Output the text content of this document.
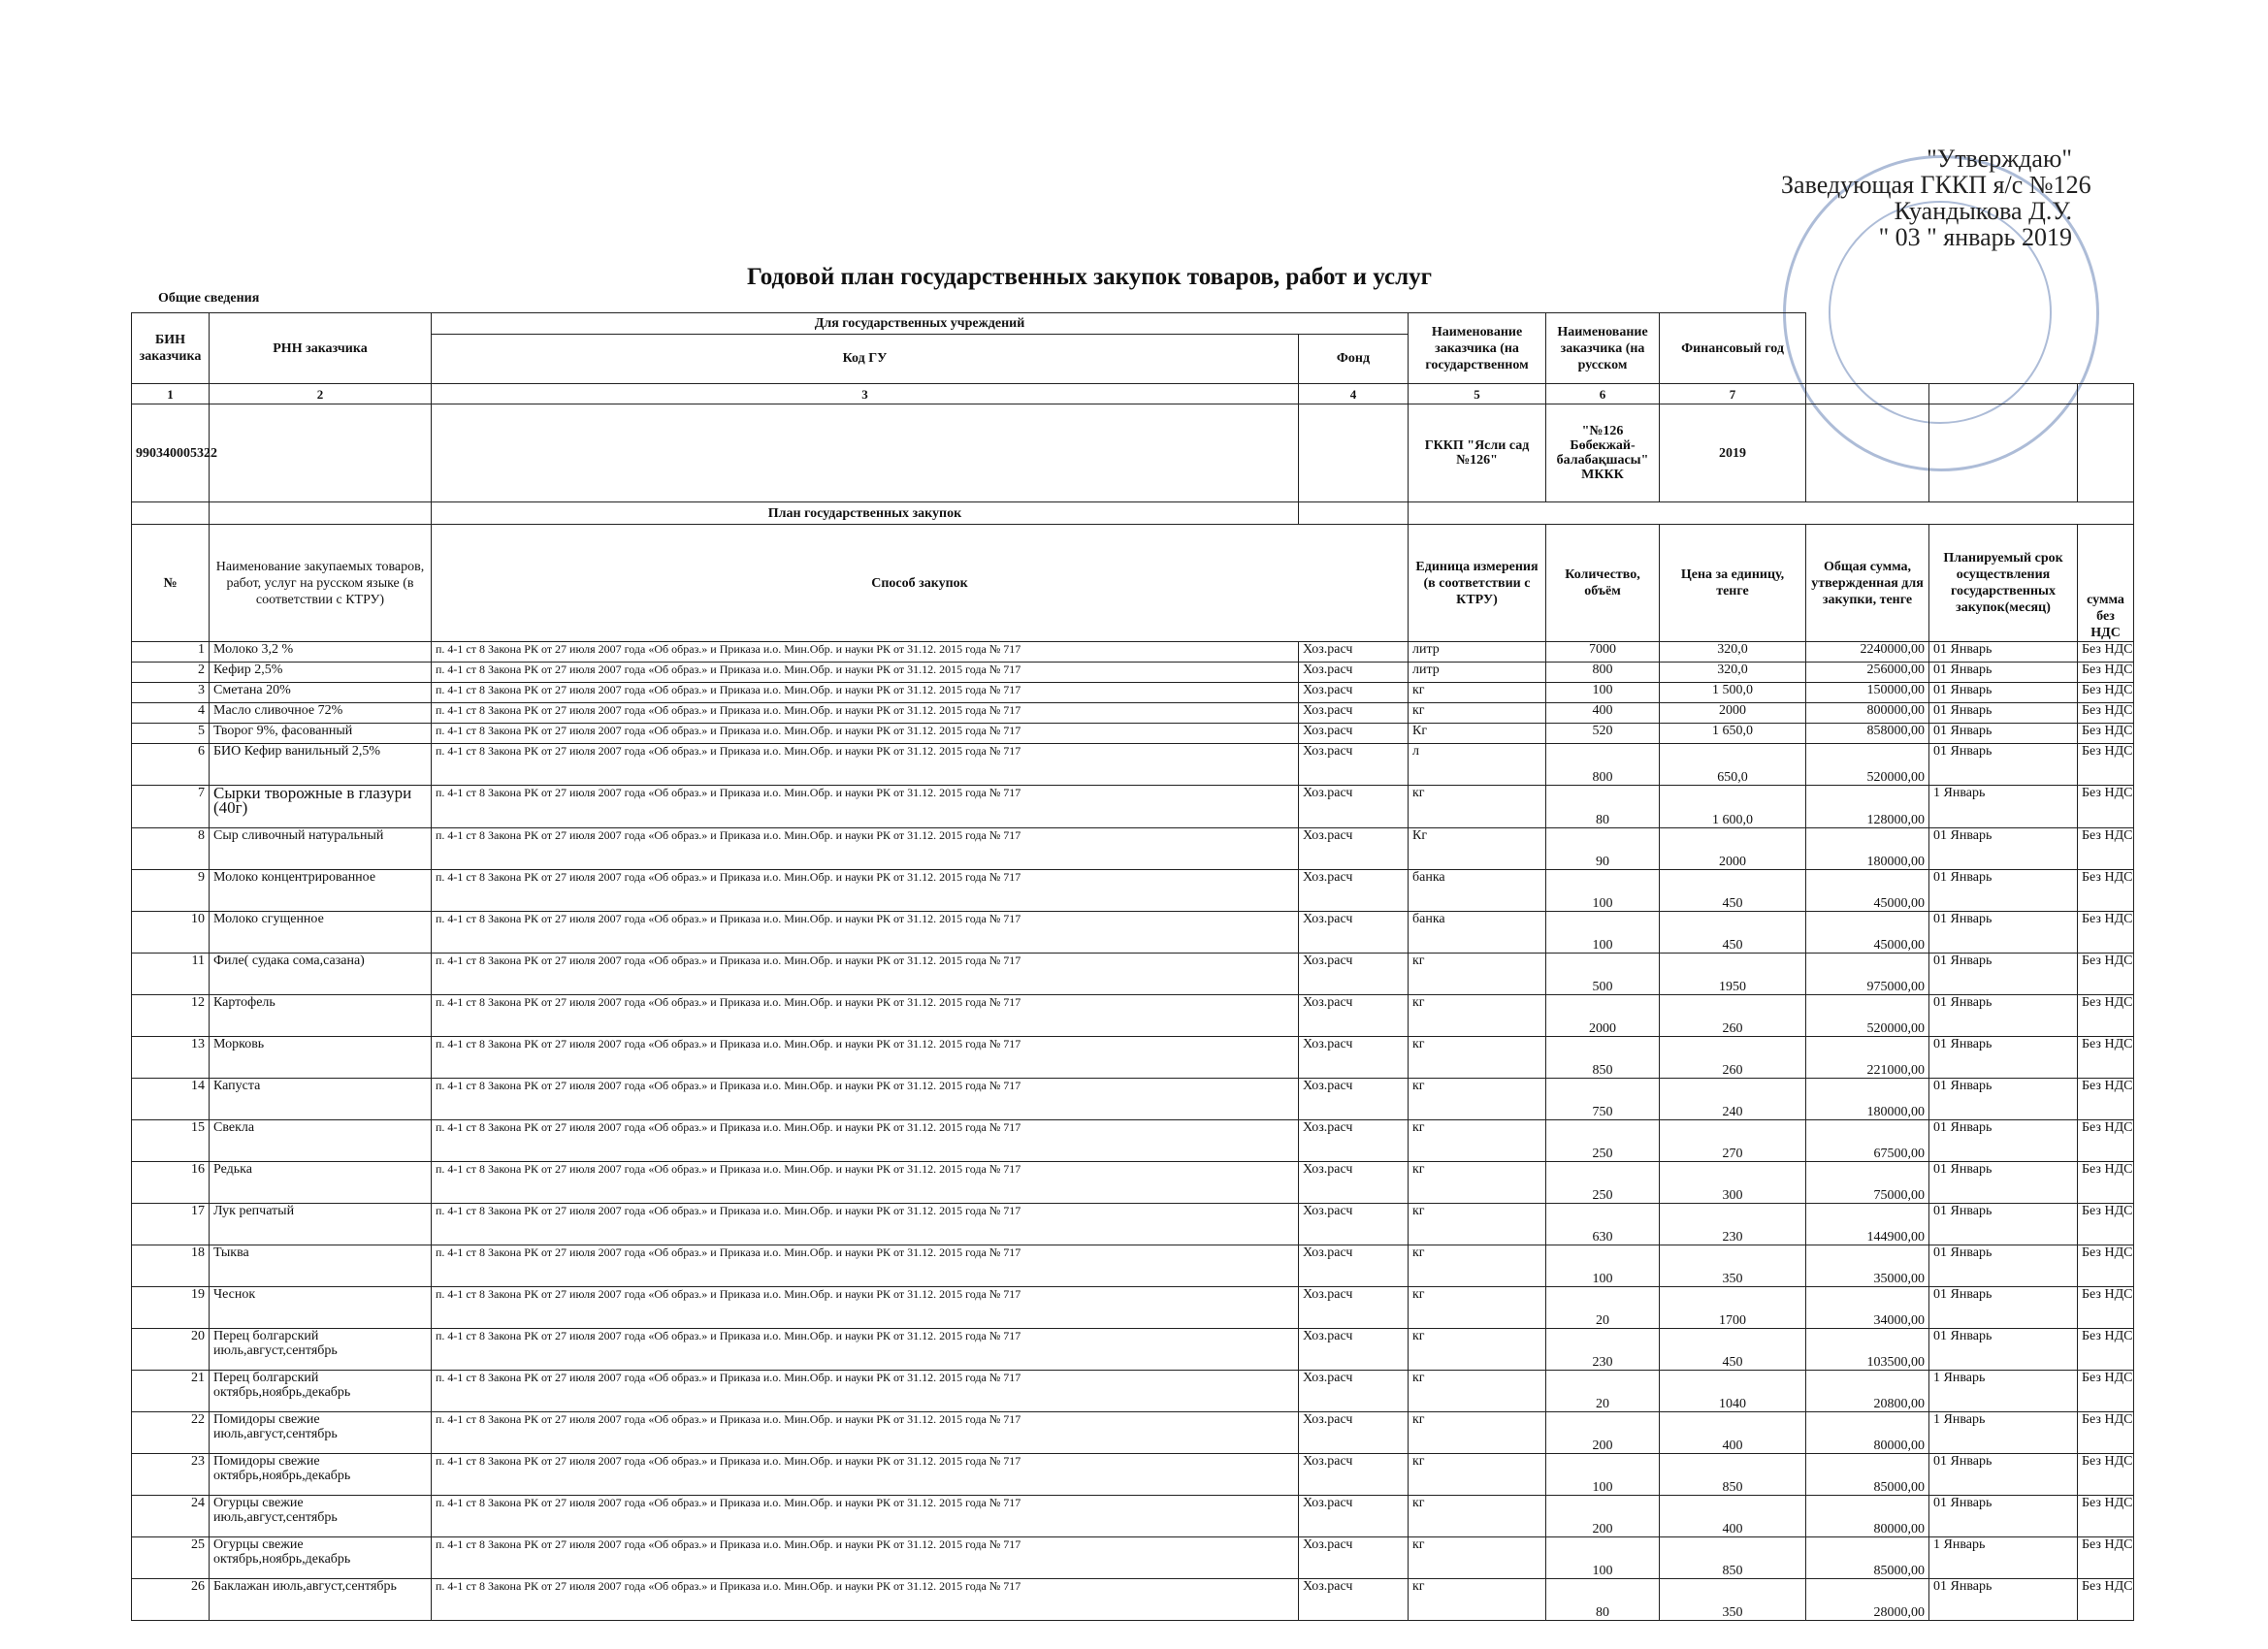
"Утверждаю"
Заведующая ГККП я/с №126
Куандыкова Д.У.
" 03 " январь 2019
Годовой план государственных закупок товаров, работ и услуг
Общие сведения
БИН заказчика	РНН заказчика	Для государственных учреждений		Наименование заказчика (на государственном	Наименование заказчика (на русском	Финансовый год			
		Код ГУ	Фонд						
1	2	3	4	5	6	7			
990340005322				ГККП "Ясли сад №126"	"№126 Бөбекжай-балабақшасы" МККК	2019			
		План государственных закупок							
№	Наименование закупаемых товаров, работ, услуг на русском языке (в соответствии с КТРУ)	Способ закупок		Единица измерения (в соответствии с КТРУ)	Количество, объём	Цена за единицу, тенге	Общая сумма, утвержденная для закупки, тенге	Планируемый срок осуществления государственных закупок(месяц)	сумма без НДС
1	Молоко 3,2 %	п. 4-1 ст 8 Закона РК от 27 июля 2007 года «Об образ.» и Приказа и.о. Мин.Обр. и науки РК от 31.12. 2015 года № 717	Хоз.расч	литр	7000	320,0	2240000,00	01 Январь	Без НДС
2	Кефир 2,5%	п. 4-1 ст 8 Закона РК от 27 июля 2007 года «Об образ.» и Приказа и.о. Мин.Обр. и науки РК от 31.12. 2015 года № 717	Хоз.расч	литр	800	320,0	256000,00	01 Январь	Без НДС
3	Сметана 20%	п. 4-1 ст 8 Закона РК от 27 июля 2007 года «Об образ.» и Приказа и.о. Мин.Обр. и науки РК от 31.12. 2015 года № 717	Хоз.расч	кг	100	1 500,0	150000,00	01 Январь	Без НДС
4	Масло сливочное 72%	п. 4-1 ст 8 Закона РК от 27 июля 2007 года «Об образ.» и Приказа и.о. Мин.Обр. и науки РК от 31.12. 2015 года № 717	Хоз.расч	кг	400	2000	800000,00	01 Январь	Без НДС
5	Творог 9%, фасованный	п. 4-1 ст 8 Закона РК от 27 июля 2007 года «Об образ.» и Приказа и.о. Мин.Обр. и науки РК от 31.12. 2015 года № 717	Хоз.расч	Кг	520	1 650,0	858000,00	01 Январь	Без НДС
6	БИО Кефир ванильный 2,5%	п. 4-1 ст 8 Закона РК от 27 июля 2007 года «Об образ.» и Приказа и.о. Мин.Обр. и науки РК от 31.12. 2015 года № 717	Хоз.расч	л	800	650,0	520000,00	01 Январь	Без НДС
7	Сырки творожные в глазури (40г)	п. 4-1 ст 8 Закона РК от 27 июля 2007 года «Об образ.» и Приказа и.о. Мин.Обр. и науки РК от 31.12. 2015 года № 717	Хоз.расч	кг	80	1 600,0	128000,00	1 Январь	Без НДС
8	Сыр сливочный натуральный	п. 4-1 ст 8 Закона РК от 27 июля 2007 года «Об образ.» и Приказа и.о. Мин.Обр. и науки РК от 31.12. 2015 года № 717	Хоз.расч	Кг	90	2000	180000,00	01 Январь	Без НДС
9	Молоко концентрированное	п. 4-1 ст 8 Закона РК от 27 июля 2007 года «Об образ.» и Приказа и.о. Мин.Обр. и науки РК от 31.12. 2015 года № 717	Хоз.расч	банка	100	450	45000,00	01 Январь	Без НДС
10	Молоко сгущенное	п. 4-1 ст 8 Закона РК от 27 июля 2007 года «Об образ.» и Приказа и.о. Мин.Обр. и науки РК от 31.12. 2015 года № 717	Хоз.расч	банка	100	450	45000,00	01 Январь	Без НДС
11	Филе( судака сома,сазана)	п. 4-1 ст 8 Закона РК от 27 июля 2007 года «Об образ.» и Приказа и.о. Мин.Обр. и науки РК от 31.12. 2015 года № 717	Хоз.расч	кг	500	1950	975000,00	01 Январь	Без НДС
12	Картофель	п. 4-1 ст 8 Закона РК от 27 июля 2007 года «Об образ.» и Приказа и.о. Мин.Обр. и науки РК от 31.12. 2015 года № 717	Хоз.расч	кг	2000	260	520000,00	01 Январь	Без НДС
13	Морковь	п. 4-1 ст 8 Закона РК от 27 июля 2007 года «Об образ.» и Приказа и.о. Мин.Обр. и науки РК от 31.12. 2015 года № 717	Хоз.расч	кг	850	260	221000,00	01 Январь	Без НДС
14	Капуста	п. 4-1 ст 8 Закона РК от 27 июля 2007 года «Об образ.» и Приказа и.о. Мин.Обр. и науки РК от 31.12. 2015 года № 717	Хоз.расч	кг	750	240	180000,00	01 Январь	Без НДС
15	Свекла	п. 4-1 ст 8 Закона РК от 27 июля 2007 года «Об образ.» и Приказа и.о. Мин.Обр. и науки РК от 31.12. 2015 года № 717	Хоз.расч	кг	250	270	67500,00	01 Январь	Без НДС
16	Редька	п. 4-1 ст 8 Закона РК от 27 июля 2007 года «Об образ.» и Приказа и.о. Мин.Обр. и науки РК от 31.12. 2015 года № 717	Хоз.расч	кг	250	300	75000,00	01 Январь	Без НДС
17	Лук репчатый	п. 4-1 ст 8 Закона РК от 27 июля 2007 года «Об образ.» и Приказа и.о. Мин.Обр. и науки РК от 31.12. 2015 года № 717	Хоз.расч	кг	630	230	144900,00	01 Январь	Без НДС
18	Тыква	п. 4-1 ст 8 Закона РК от 27 июля 2007 года «Об образ.» и Приказа и.о. Мин.Обр. и науки РК от 31.12. 2015 года № 717	Хоз.расч	кг	100	350	35000,00	01 Январь	Без НДС
19	Чеснок	п. 4-1 ст 8 Закона РК от 27 июля 2007 года «Об образ.» и Приказа и.о. Мин.Обр. и науки РК от 31.12. 2015 года № 717	Хоз.расч	кг	20	1700	34000,00	01 Январь	Без НДС
20	Перец болгарский июль,август,сентябрь	п. 4-1 ст 8 Закона РК от 27 июля 2007 года «Об образ.» и Приказа и.о. Мин.Обр. и науки РК от 31.12. 2015 года № 717	Хоз.расч	кг	230	450	103500,00	01 Январь	Без НДС
21	Перец болгарский октябрь,ноябрь,декабрь	п. 4-1 ст 8 Закона РК от 27 июля 2007 года «Об образ.» и Приказа и.о. Мин.Обр. и науки РК от 31.12. 2015 года № 717	Хоз.расч	кг	20	1040	20800,00	1 Январь	Без НДС
22	Помидоры свежие июль,август,сентябрь	п. 4-1 ст 8 Закона РК от 27 июля 2007 года «Об образ.» и Приказа и.о. Мин.Обр. и науки РК от 31.12. 2015 года № 717	Хоз.расч	кг	200	400	80000,00	1 Январь	Без НДС
23	Помидоры свежие октябрь,ноябрь,декабрь	п. 4-1 ст 8 Закона РК от 27 июля 2007 года «Об образ.» и Приказа и.о. Мин.Обр. и науки РК от 31.12. 2015 года № 717	Хоз.расч	кг	100	850	85000,00	01 Январь	Без НДС
24	Огурцы свежие июль,август,сентябрь	п. 4-1 ст 8 Закона РК от 27 июля 2007 года «Об образ.» и Приказа и.о. Мин.Обр. и науки РК от 31.12. 2015 года № 717	Хоз.расч	кг	200	400	80000,00	01 Январь	Без НДС
25	Огурцы свежие октябрь,ноябрь,декабрь	п. 4-1 ст 8 Закона РК от 27 июля 2007 года «Об образ.» и Приказа и.о. Мин.Обр. и науки РК от 31.12. 2015 года № 717	Хоз.расч	кг	100	850	85000,00	1 Январь	Без НДС
26	Баклажан июль,август,сентябрь	п. 4-1 ст 8 Закона РК от 27 июля 2007 года «Об образ.» и Приказа и.о. Мин.Обр. и науки РК от 31.12. 2015 года № 717	Хоз.расч	кг	80	350	28000,00	01 Январь	Без НДС
